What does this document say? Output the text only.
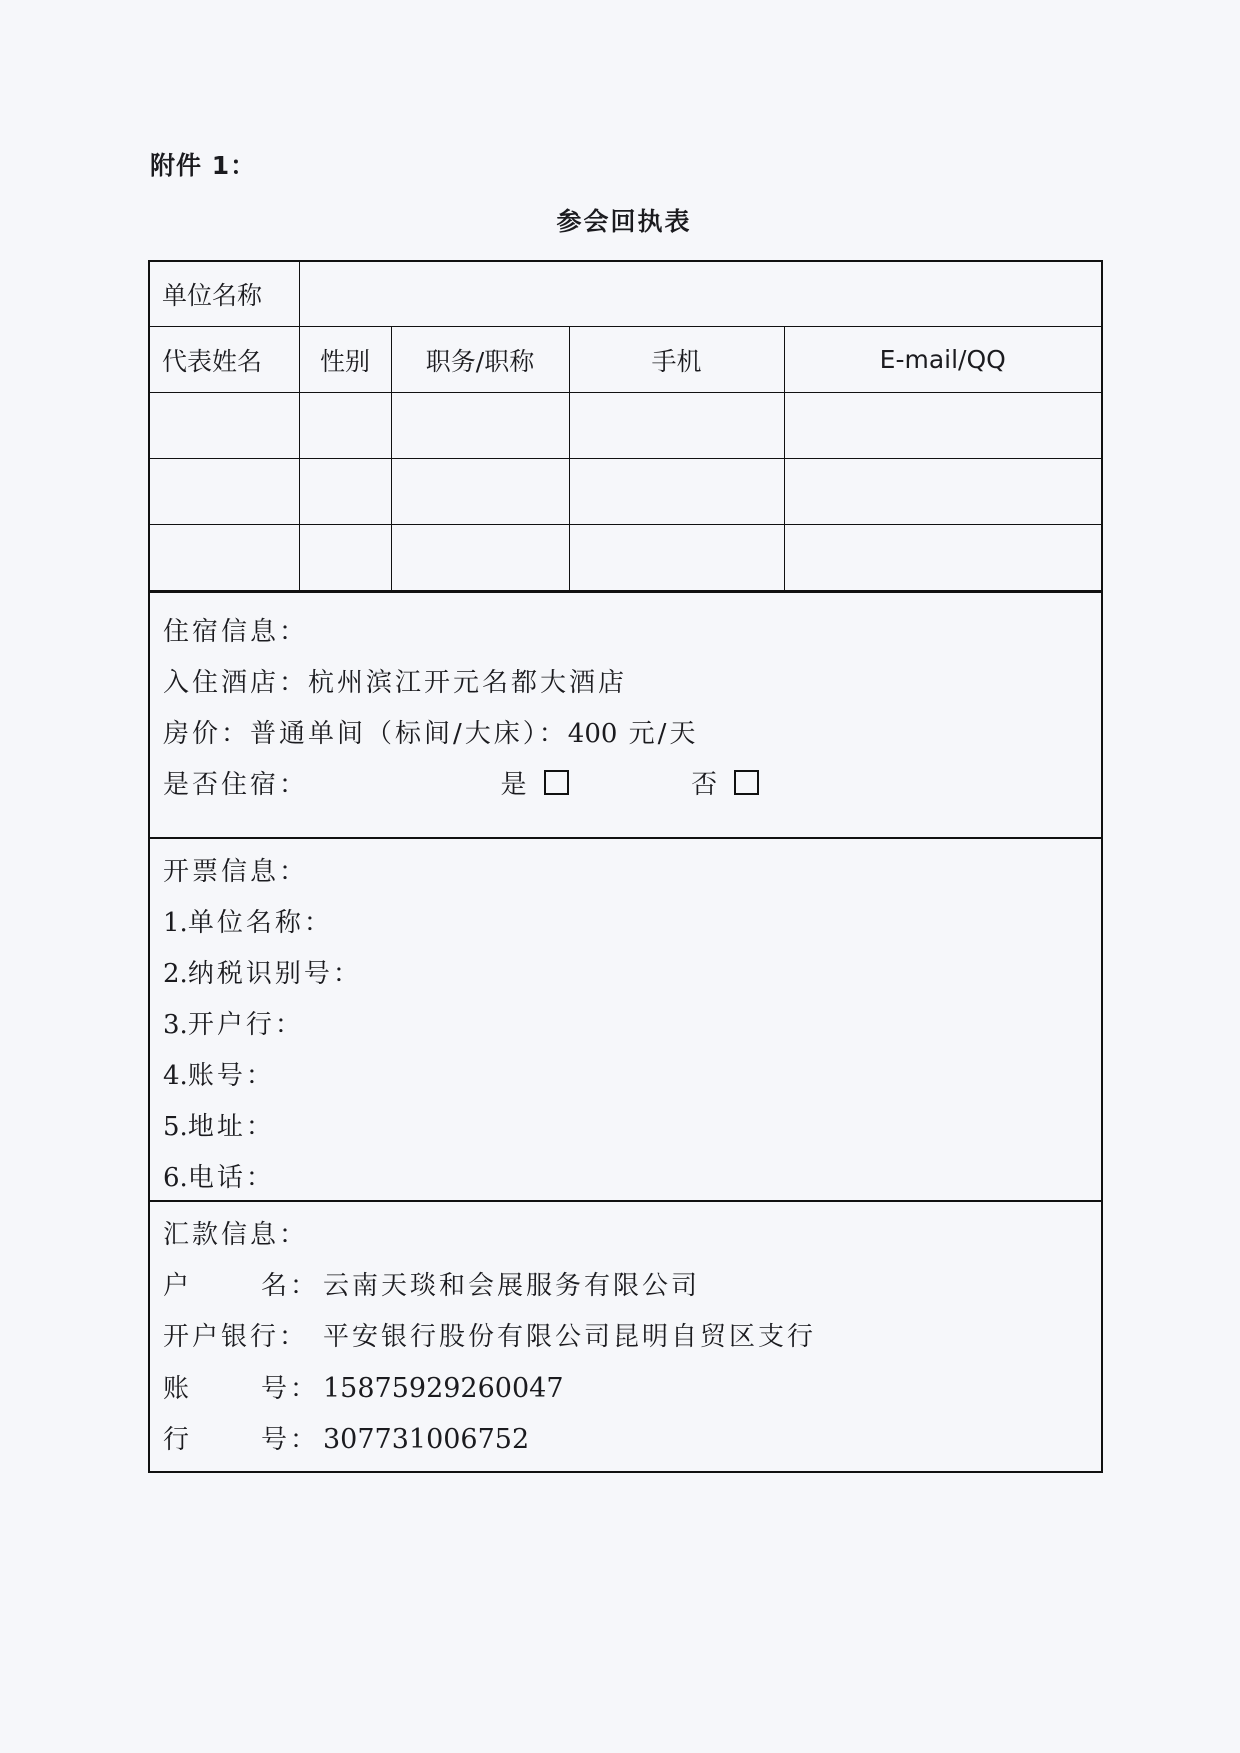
附件 1：
参会回执表
单位名称				
代表姓名	性别	职务/职称	手机	E-mail/QQ

住宿信息：
入住酒店：杭州滨江开元名都大酒店
房价：普通单间（标间/大床）：400 元/天
是否住宿：	是	否
开票信息：
1.单位名称：
2.纳税识别号：
3.开户行：
4.账号：
5.地址：
6.电话：
汇款信息：
户	名： 云南天琰和会展服务有限公司
开户银行： 平安银行股份有限公司昆明自贸区支行
账	号： 15875929260047
行	号： 307731006752
